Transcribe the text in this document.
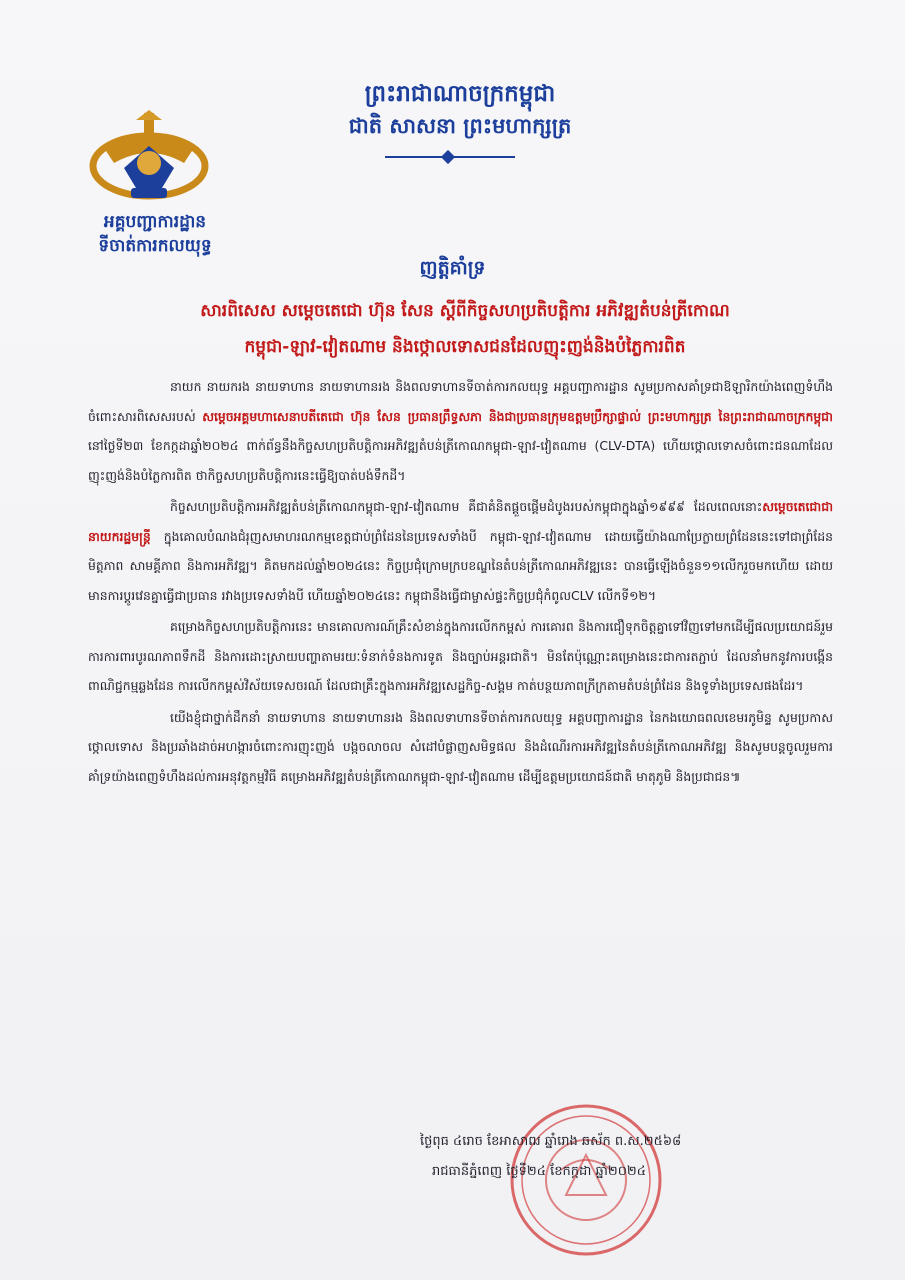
ព្រះរាជាណាចក្រកម្ពុជា
ជាតិ សាសនា ព្រះមហាក្សត្រ
អគ្គបញ្ជាការដ្ឋាន
ទីចាត់ការកលយុទ្ធ
ញត្តិគាំទ្រ
សារពិសេស សម្តេចតេជោ ហ៊ុន សែន ស្តីពីកិច្ចសហប្រតិបត្តិការ អភិវឌ្ឍតំបន់ត្រីកោណ
កម្ពុជា-ឡាវ-វៀតណាម និងថ្កោលទោសជនដែលញុះញង់និងបំភ្លៃការពិត

នាយក នាយករង នាយទាហាន នាយទាហានរង និងពលទាហានទីចាត់ការកលយុទ្ធ អគ្គបញ្ជាការដ្ឋាន សូមប្រកាសគាំទ្រជាឱឡារិកយ៉ាងពេញទំហឹងចំពោះសារពិសេសរបស់ សម្តេចអគ្គមហាសេនាបតីតេជោ ហ៊ុន សែន ប្រធានព្រឹទ្ធសភា និងជាប្រធានក្រុមឧត្តមប្រឹក្សាផ្ទាល់ ព្រះមហាក្សត្រ នៃព្រះរាជាណាចក្រកម្ពុជា នៅថ្ងៃទី២៣ ខែកក្កដាឆ្នាំ២០២៤ ពាក់ព័ន្ធនឹងកិច្ចសហប្រតិបត្តិការអភិវឌ្ឍតំបន់ត្រីកោណកម្ពុជា-ឡាវ-វៀតណាម (CLV-DTA) ហើយថ្កោលទោសចំពោះជនណាដែលញុះញង់និងបំភ្លៃការពិត ថាកិច្ចសហប្រតិបត្តិការនេះធ្វើឱ្យបាត់បង់ទឹកដី។

កិច្ចសហប្រតិបត្តិការអភិវឌ្ឍតំបន់ត្រីកោណកម្ពុជា-ឡាវ-វៀតណាម គឺជាគំនិតផ្តួចផ្តើមដំបូងរបស់កម្ពុជាក្នុងឆ្នាំ១៩៩៩ ដែលពេលនោះសម្តេចតេជោជានាយករដ្ឋមន្ត្រី ក្នុងគោលបំណងជំរុញសមាហរណកម្មខេត្តជាប់ព្រំដែននៃប្រទេសទាំងបី កម្ពុជា-ឡាវ-វៀតណាម ដោយធ្វើយ៉ាងណាប្រែក្លាយព្រំដែននេះទៅជាព្រំដែនមិត្តភាព សាមគ្គីភាព និងការអភិវឌ្ឍ។ គិតមកដល់ឆ្នាំ២០២៤នេះ កិច្ចប្រជុំក្រោមក្របខណ្ឌនៃតំបន់ត្រីកោណអភិវឌ្ឍនេះ បានធ្វើឡើងចំនួន១១លើករួចមកហើយ ដោយមានការប្តូរវេនគ្នាធ្វើជាប្រធាន រវាងប្រទេសទាំងបី ហើយឆ្នាំ២០២៤នេះ កម្ពុជានឹងធ្វើជាម្ចាស់ផ្ទះកិច្ចប្រជុំកំពូលCLV លើកទី១២។

គម្រោងកិច្ចសហប្រតិបត្តិការនេះ មានគោលការណ៍គ្រឹះសំខាន់ក្នុងការលើកកម្ពស់ ការគោរព និងការជឿទុកចិត្តគ្នាទៅវិញទៅមកដើម្បីផលប្រយោជន៍រួម ការការពារបូរណភាពទឹកដី និងការដោះស្រាយបញ្ហាតាមរយៈទំនាក់ទំនងការទូត និងច្បាប់អន្តរជាតិ។ មិនតែប៉ុណ្ណោះគម្រោងនេះជាការតភ្ជាប់ ដែលនាំមកនូវការបង្កើនពាណិជ្ជកម្មឆ្លងដែន ការលើកកម្ពស់វិស័យទេសចរណ៍ ដែលជាគ្រឹះក្នុងការអភិវឌ្ឍសេដ្ឋកិច្ច-សង្គម កាត់បន្ថយភាពក្រីក្រតាមតំបន់ព្រំដែន និងទូទាំងប្រទេសផងដែរ។

យើងខ្ញុំជាថ្នាក់ដឹកនាំ នាយទាហាន នាយទាហានរង និងពលទាហានទីចាត់ការកលយុទ្ធ អគ្គបញ្ជាការដ្ឋាន នៃកងយោធពលខេមរភូមិន្ទ សូមប្រកាសថ្កោលទោស និងប្រឆាំងដាច់អហង្ការចំពោះការញុះញង់ បង្កចលាចល សំដៅបំផ្លាញសមិទ្ធផល និងដំណើរការអភិវឌ្ឍនៃតំបន់ត្រីកោណអភិវឌ្ឍ និងសូមបន្តចូលរួមការគាំទ្រយ៉ាងពេញទំហឹងដល់ការអនុវត្តកម្មវិធី គម្រោងអភិវឌ្ឍតំបន់ត្រីកោណកម្ពុជា-ឡាវ-វៀតណាម ដើម្បីឧត្តមប្រយោជន៍ជាតិ មាតុភូមិ និងប្រជាជន៕

ថ្ងៃពុធ ៤រោច ខែអាសាឍ ឆ្នាំរោង ឆស័ក ព.ស.២៥៦៨
រាជធានីភ្នំពេញ ថ្ងៃទី២៤ ខែកក្កដា ឆ្នាំ២០២៤
